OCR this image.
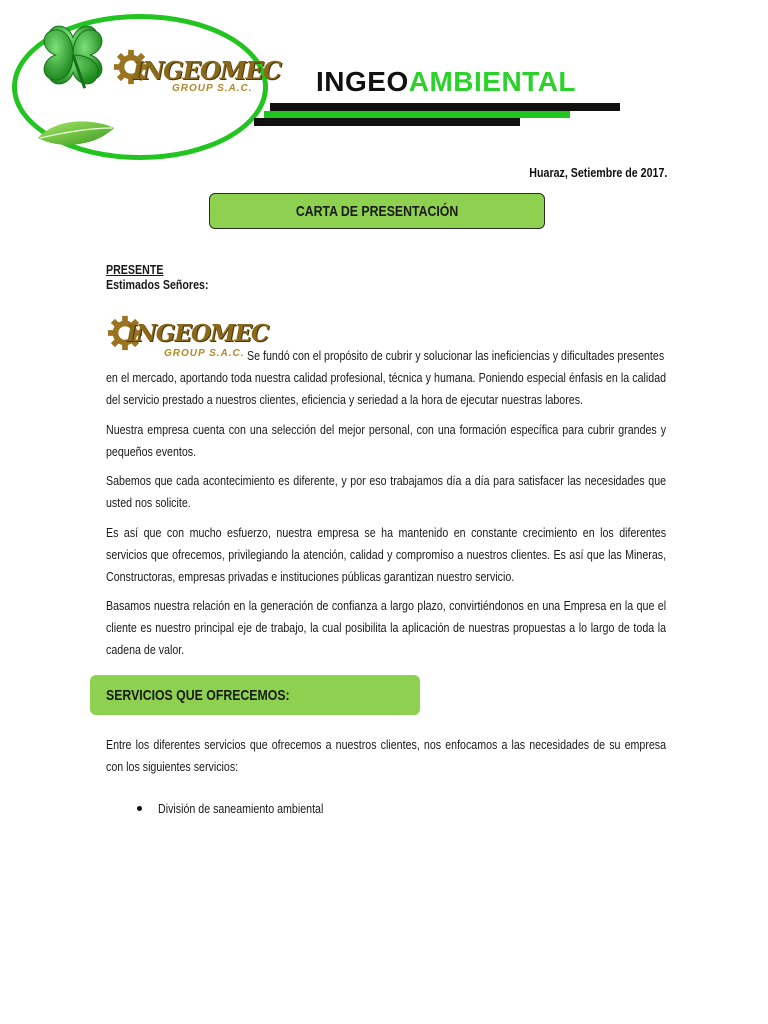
INGEOMEC
GROUP S.A.C. INGEOAMBIENTAL
Huaraz, Setiembre de 2017.
CARTA DE PRESENTACIÓN
PRESENTE
Estimados Señores:
INGEOMEC
GROUP S.A.C. Se fundó con el propósito de cubrir y solucionar las ineficiencias y dificultades presentes
en el mercado, aportando toda nuestra calidad profesional, técnica y humana. Poniendo especial énfasis en la calidad del servicio prestado a nuestros clientes, eficiencia y seriedad a la hora de ejecutar nuestras labores.
Nuestra empresa cuenta con una selección del mejor personal, con una formación específica para cubrir grandes y pequeños eventos.
Sabemos que cada acontecimiento es diferente, y por eso trabajamos día a día para satisfacer las necesidades que usted nos solicite.
Es así que con mucho esfuerzo, nuestra empresa se ha mantenido en constante crecimiento en los diferentes servicios que ofrecemos, privilegiando la atención, calidad y compromiso a nuestros clientes. Es así que las Mineras, Constructoras, empresas privadas e instituciones públicas garantizan nuestro servicio.
Basamos nuestra relación en la generación de confianza a largo plazo, convirtiéndonos en una Empresa en la que el cliente es nuestro principal eje de trabajo, la cual posibilita la aplicación de nuestras propuestas a lo largo de toda la cadena de valor.
SERVICIOS QUE OFRECEMOS:
Entre los diferentes servicios que ofrecemos a nuestros clientes, nos enfocamos a las necesidades de su empresa con los siguientes servicios:
División de saneamiento ambiental
